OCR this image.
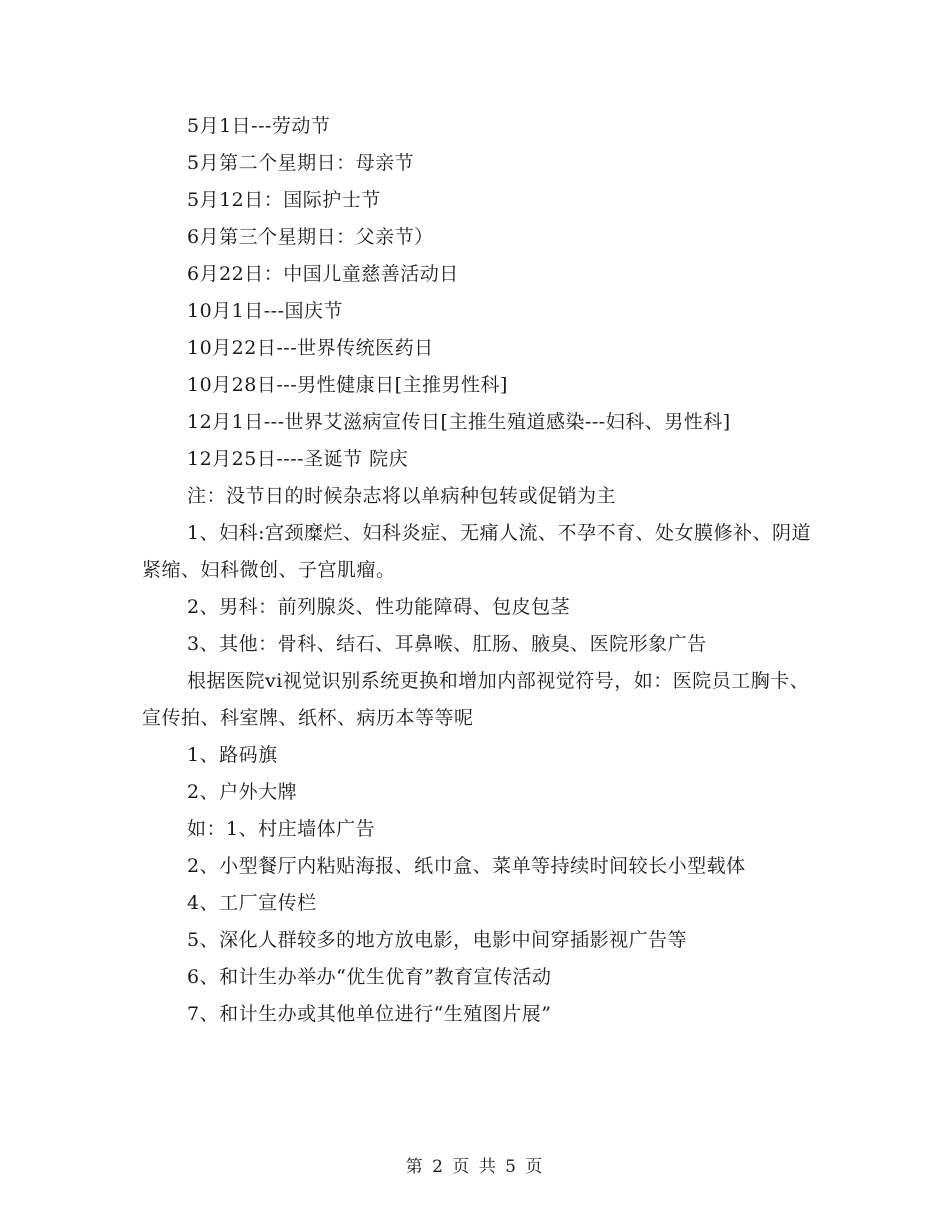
5月1日---劳动节

5月第二个星期日：母亲节

5月12日：国际护士节

6月第三个星期日：父亲节）

6月22日：中国儿童慈善活动日

10月1日---国庆节

10月22日---世界传统医药日

10月28日---男性健康日[主推男性科]

12月1日---世界艾滋病宣传日[主推生殖道感染---妇科、男性科]

12月25日----圣诞节 院庆

注：没节日的时候杂志将以单病种包转或促销为主

1、妇科:宫颈糜烂、妇科炎症、无痛人流、不孕不育、处女膜修补、阴道紧缩、妇科微创、子宫肌瘤。

2、男科：前列腺炎、性功能障碍、包皮包茎

3、其他：骨科、结石、耳鼻喉、肛肠、腋臭、医院形象广告

根据医院vi视觉识别系统更换和增加内部视觉符号，如：医院员工胸卡、宣传拍、科室牌、纸杯、病历本等等呢

1、路码旗

2、户外大牌

如：1、村庄墙体广告

2、小型餐厅内粘贴海报、纸巾盒、菜单等持续时间较长小型载体

4、工厂宣传栏

5、深化人群较多的地方放电影，电影中间穿插影视广告等

6、和计生办举办“优生优育”教育宣传活动

7、和计生办或其他单位进行“生殖图片展”

第 2 页 共 5 页
